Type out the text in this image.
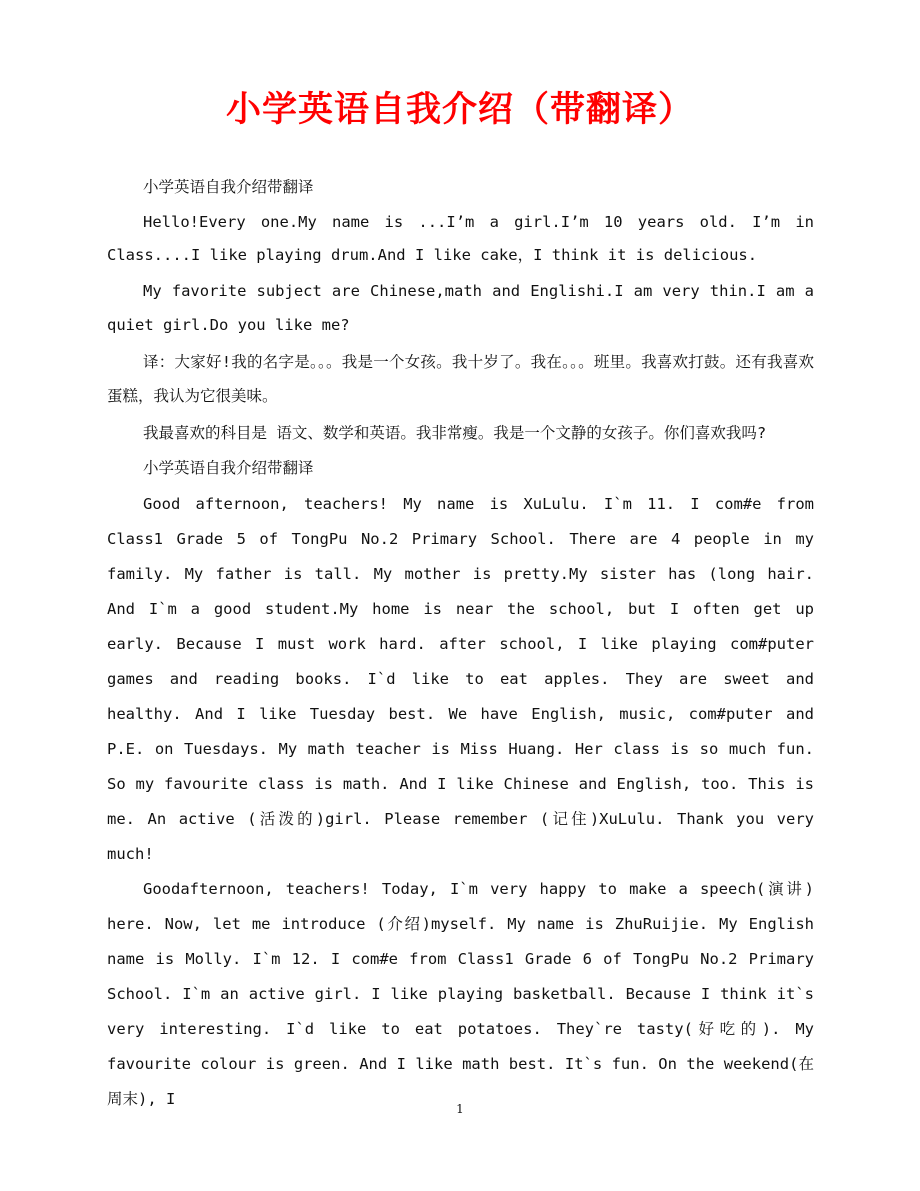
小学英语自我介绍（带翻译）

小学英语自我介绍带翻译

Hello!Every one.My name is ...I’m a girl.I’m 10 years old. I’m in Class....I like playing drum.And I like cake，I think it is delicious.

My favorite subject are Chinese,math and Englishi.I am very thin.I am a quiet girl.Do you like me?

译：大家好!我的名字是。。。我是一个女孩。我十岁了。我在。。。班里。我喜欢打鼓。还有我喜欢蛋糕，我认为它很美味。

我最喜欢的科目是 语文、数学和英语。我非常瘦。我是一个文静的女孩子。你们喜欢我吗?

小学英语自我介绍带翻译

Good afternoon, teachers! My name is XuLulu. I`m 11. I com#e from Class1 Grade 5 of TongPu No.2 Primary School. There are 4 people in my family. My father is tall. My mother is pretty.My sister has (long hair. And I`m a good student.My home is near the school, but I often get up early. Because I must work hard. after school, I like playing com#puter games and reading books. I`d like to eat apples. They are sweet and healthy. And I like Tuesday best. We have English, music, com#puter and P.E. on Tuesdays. My math teacher is Miss Huang. Her class is so much fun. So my favourite class is math. And I like Chinese and English, too. This is me. An active (活泼的)girl. Please remember (记住)XuLulu. Thank you very much!

Goodafternoon, teachers! Today, I`m very happy to make a speech(演讲) here. Now, let me introduce (介绍)myself. My name is ZhuRuijie. My English name is Molly. I`m 12. I com#e from Class1 Grade 6 of TongPu No.2 Primary School. I`m an active girl. I like playing basketball. Because I think it`s very interesting. I`d like to eat potatoes. They`re tasty(好吃的). My favourite colour is green. And I like math best. It`s fun. On the weekend(在周末), I

1
